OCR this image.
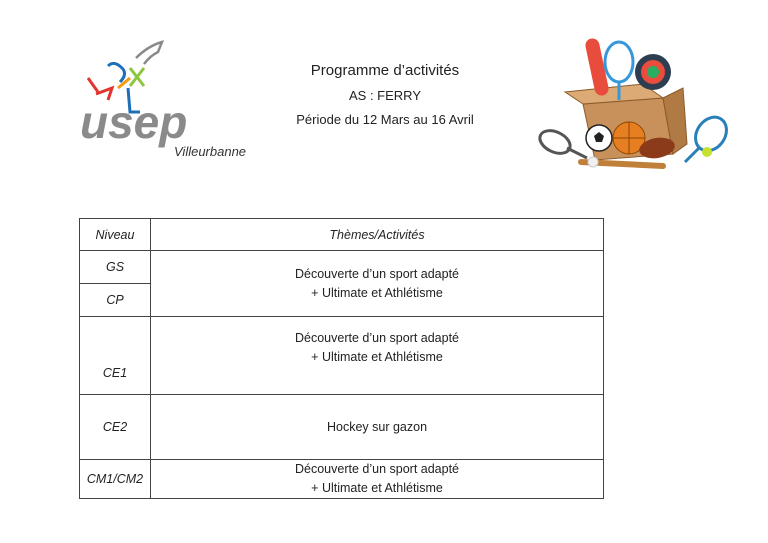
usep
Villeurbanne

Programme d’activités

AS : FERRY

Période du 12 Mars au 16 Avril

Niveau	Thèmes/Activités
GS	Découverte d’un sport adapté
+ Ultimate et Athlétisme

CP	
CE1	Découverte d’un sport adapté
+ Ultimate et Athlétisme

CE2	Hockey sur gazon

CM1/CM2	Découverte d’un sport adapté
+ Ultimate et Athlétisme
